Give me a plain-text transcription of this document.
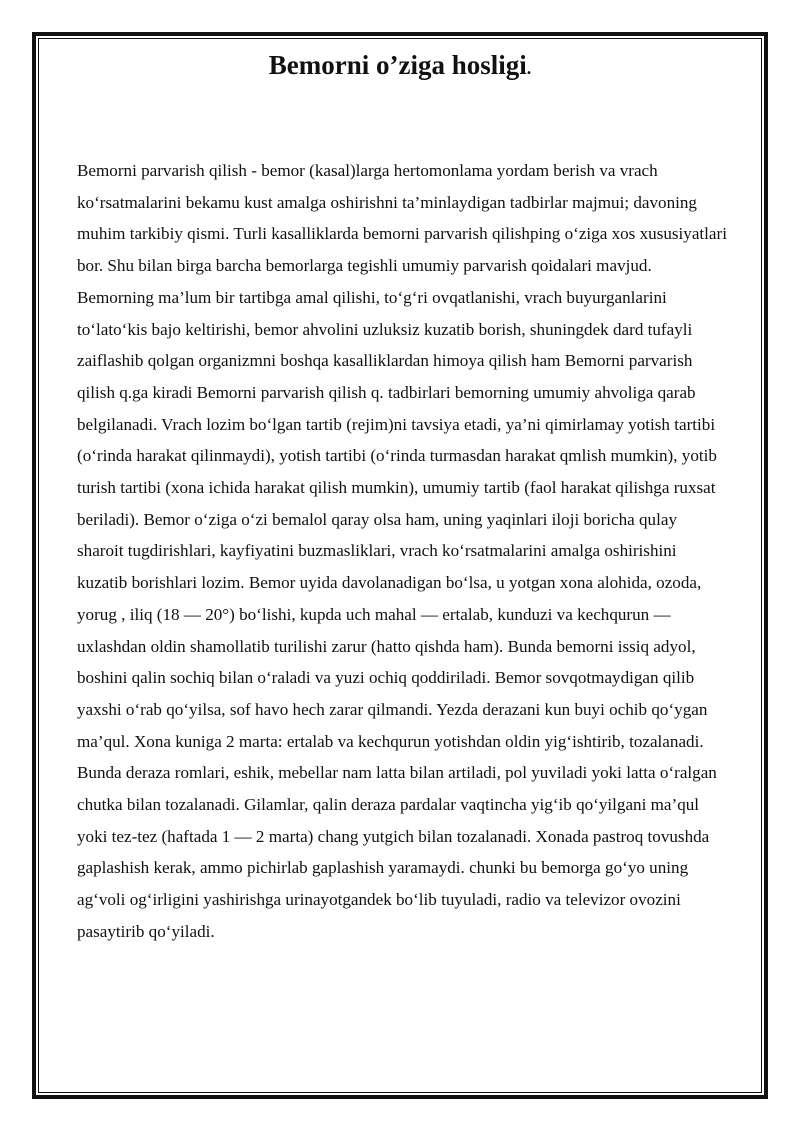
Bemorni o’ziga hosligi.

Bemorni parvarish qilish - bemor (kasal)larga hertomonlama yordam berish va vrach ko‘rsatmalarini bekamu kust amalga oshirishni ta’minlaydigan tadbirlar majmui; davoning muhim tarkibiy qismi. Turli kasalliklarda bemorni parvarish qilishping o‘ziga xos xususiyatlari bor. Shu bilan birga barcha bemorlarga tegishli umumiy parvarish qoidalari mavjud. Bemorning ma’lum bir tartibga amal qilishi, to‘g‘ri ovqatlanishi, vrach buyurganlarini to‘lato‘kis bajo keltirishi, bemor ahvolini uzluksiz kuzatib borish, shuningdek dard tufayli zaiflashib qolgan organizmni boshqa kasalliklardan himoya qilish ham Bemorni parvarish qilish q.ga kiradi Bemorni parvarish qilish q. tadbirlari bemorning umumiy ahvoliga qarab belgilanadi. Vrach lozim bo‘lgan tartib (rejim)ni tavsiya etadi, ya’ni qimirlamay yotish tartibi (o‘rinda harakat qilinmaydi), yotish tartibi (o‘rinda turmasdan harakat qmlish mumkin), yotib turish tartibi (xona ichida harakat qilish mumkin), umumiy tartib (faol harakat qilishga ruxsat beriladi). Bemor o‘ziga o‘zi bemalol qaray olsa ham, uning yaqinlari iloji boricha qulay sharoit tugdirishlari, kayfiyatini buzmasliklari, vrach ko‘rsatmalarini amalga oshirishini kuzatib borishlari lozim. Bemor uyida davolanadigan bo‘lsa, u yotgan xona alohida, ozoda, yorug , iliq (18 — 20°) bo‘lishi, kupda uch mahal — ertalab, kunduzi va kechqurun — uxlashdan oldin shamollatib turilishi zarur (hatto qishda ham). Bunda bemorni issiq adyol, boshini qalin sochiq bilan o‘raladi va yuzi ochiq qoddiriladi. Bemor sovqotmaydigan qilib yaxshi o‘rab qo‘yilsa, sof havo hech zarar qilmandi. Yezda derazani kun buyi ochib qo‘ygan ma’qul. Xona kuniga 2 marta: ertalab va kechqurun yotishdan oldin yig‘ishtirib, tozalanadi. Bunda deraza romlari, eshik, mebellar nam latta bilan artiladi, pol yuviladi yoki latta o‘ralgan chutka bilan tozalanadi. Gilamlar, qalin deraza pardalar vaqtincha yig‘ib qo‘yilgani ma’qul yoki tez-tez (haftada 1 — 2 marta) chang yutgich bilan tozalanadi. Xonada pastroq tovushda gaplashish kerak, ammo pichirlab gaplashish yaramaydi. chunki bu bemorga go‘yo uning ag‘voli og‘irligini yashirishga urinayotgandek bo‘lib tuyuladi, radio va televizor ovozini pasaytirib qo‘yiladi.
